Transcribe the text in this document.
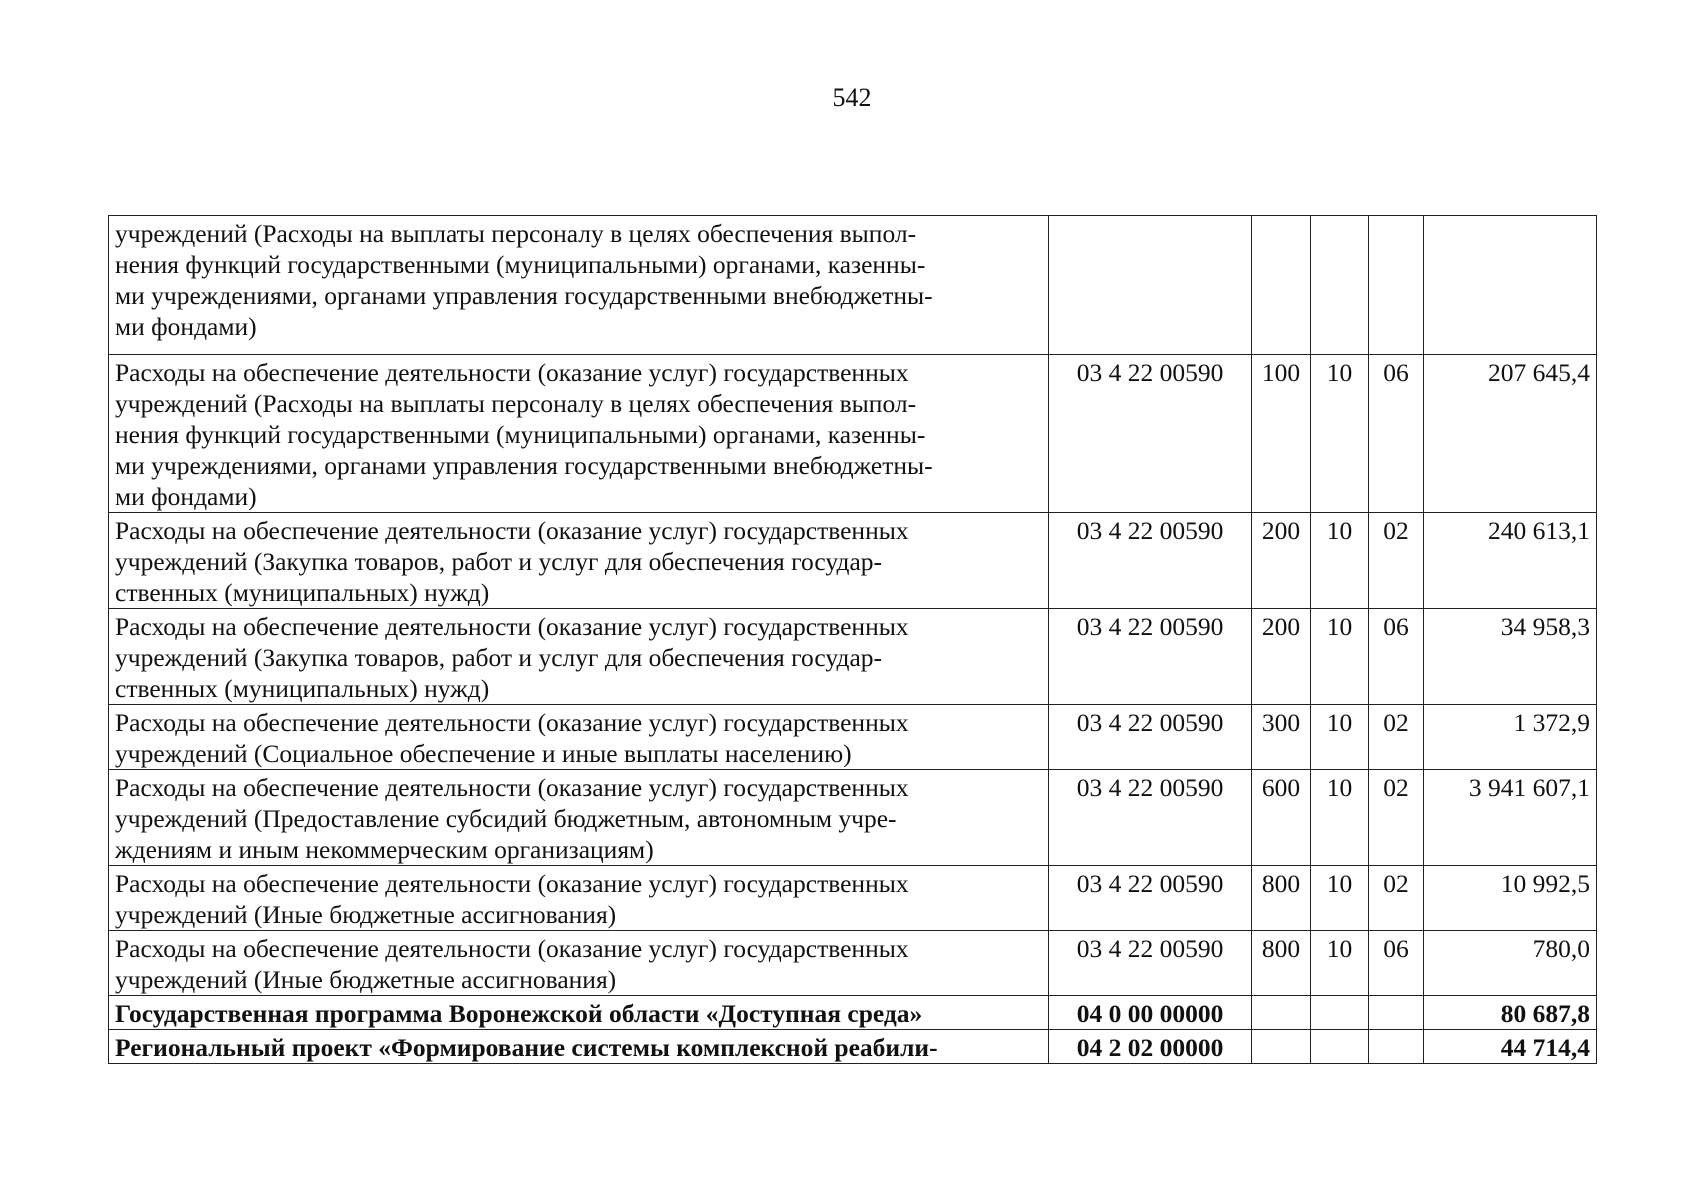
542
учреждений (Расходы на выплаты персоналу в целях обеспечения выпол-
нения функций государственными (муниципальными) органами, казенны-
ми учреждениями, органами управления государственными внебюджетны-
ми фондами)					
Расходы на обеспечение деятельности (оказание услуг) государственных
учреждений (Расходы на выплаты персоналу в целях обеспечения выпол-
нения функций государственными (муниципальными) органами, казенны-
ми учреждениями, органами управления государственными внебюджетны-
ми фондами)	03 4 22 00590	100	10	06	207 645,4
Расходы на обеспечение деятельности (оказание услуг) государственных
учреждений (Закупка товаров, работ и услуг для обеспечения государ-
ственных (муниципальных) нужд)	03 4 22 00590	200	10	02	240 613,1
Расходы на обеспечение деятельности (оказание услуг) государственных
учреждений (Закупка товаров, работ и услуг для обеспечения государ-
ственных (муниципальных) нужд)	03 4 22 00590	200	10	06	34 958,3
Расходы на обеспечение деятельности (оказание услуг) государственных
учреждений (Социальное обеспечение и иные выплаты населению)	03 4 22 00590	300	10	02	1 372,9
Расходы на обеспечение деятельности (оказание услуг) государственных
учреждений (Предоставление субсидий бюджетным, автономным учре-
ждениям и иным некоммерческим организациям)	03 4 22 00590	600	10	02	3 941 607,1
Расходы на обеспечение деятельности (оказание услуг) государственных
учреждений (Иные бюджетные ассигнования)	03 4 22 00590	800	10	02	10 992,5
Расходы на обеспечение деятельности (оказание услуг) государственных
учреждений (Иные бюджетные ассигнования)	03 4 22 00590	800	10	06	780,0
Государственная программа Воронежской области «Доступная среда»	04 0 00 00000				80 687,8
Региональный проект «Формирование системы комплексной реабили-	04 2 02 00000				44 714,4
